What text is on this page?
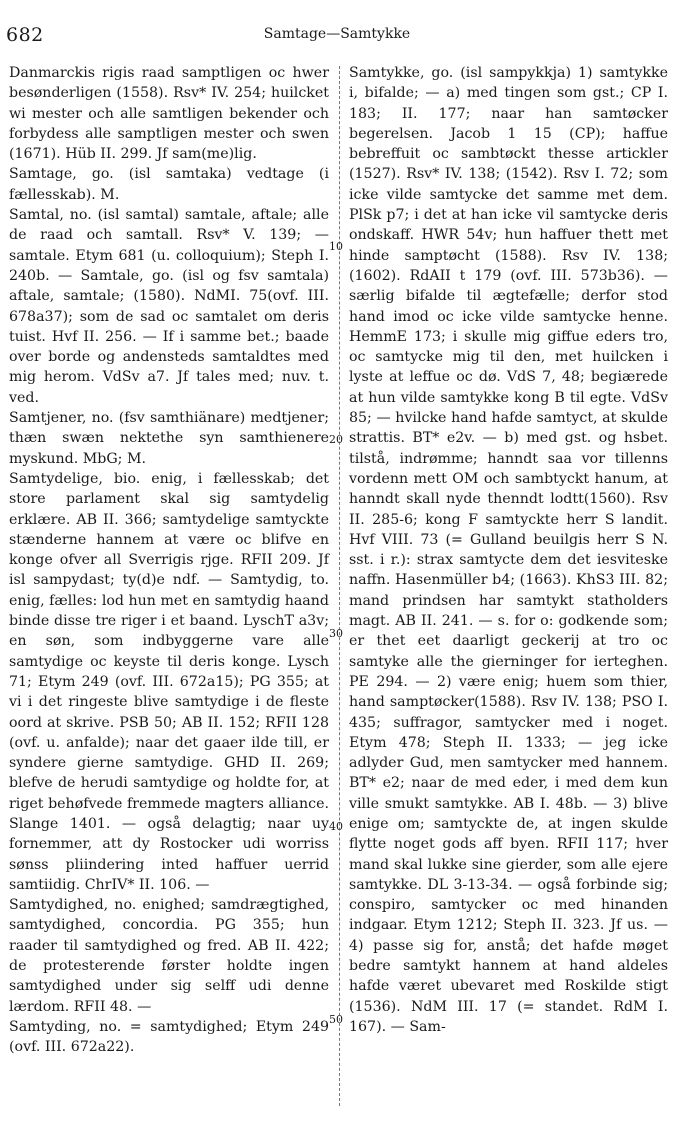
682	Samtage—Samtykke

Danmarckis rigis raad samptligen oc hwer besønderligen (1558). Rsv* IV. 254; huilcket wi mester och alle samtligen bekender och forbydess alle samptligen mester och swen (1671). Hüb II. 299. Jf sam(me)lig.

Samtage, go. (isl samtaka) vedtage (i fællesskab). M.

Samtal, no. (isl samtal) samtale, aftale; alle de raad och samtall. Rsv* V. 139; — samtale. Etym 681 (u. colloquium); Steph I. 240b. — Samtale, go. (isl og fsv samtala) aftale, samtale; (1580). NdMI. 75(ovf. III. 678a37); som de sad oc samtalet om deris tuist. Hvf II. 256. — If i samme bet.; baade over borde og andensteds samtaldtes med mig herom. VdSv a7. Jf tales med; nuv. t. ved.

Samtjener, no. (fsv samthiänare) medtjener; thæn swæn nektethe syn samthienere myskund. MbG; M.

Samtydelige, bio. enig, i fællesskab; det store parlament skal sig samtydelig erklære. AB II. 366; samtydelige samtyckte stænderne hannem at være oc blifve en konge ofver all Sverrigis rjge. RFII 209. Jf isl sampydast; ty(d)e ndf. — Samtydig, to. enig, fælles: lod hun met en samtydig haand binde disse tre riger i et baand. LyschT a3v; en søn, som indbyggerne vare alle samtydige oc keyste til deris konge. Lysch 71; Etym 249 (ovf. III. 672a15); PG 355; at vi i det ringeste blive samtydige i de fleste oord at skrive. PSB 50; AB II. 152; RFII 128 (ovf. u. anfalde); naar det gaaer ilde till, er synderе gierne samtydige. GHD II. 269; blefve de herudi samtydige og holdte for, at riget behøfvede fremmede magters alliance. Slange 1401. — også delagtig; naar uy fornemmer, att dy Rostocker udi worriss sønss pliindering inted haffuer uerrid samtiidig. ChrIV* II. 106. —

Samtydighed, no. enighed; samdrægtighed, samtydighed, concordia. PG 355; hun raader til samtydighed og fred. AB II. 422; de protesterende førster holdte ingen samtydighed under sig selff udi denne lærdom. RFII 48. —

Samtyding, no. = samtydighed; Etym 249 (ovf. III. 672a22).

10
20
30
40
50

Samtykke, go. (isl sampykkja) 1) samtykke i, bifalde; — a) med tingen som gst.; CP I. 183; II. 177; naar han samtøcker begerelsen. Jacob 1 15 (CP); haffue bebreffuit oc sambtøckt thesse artickler (1527). Rsv* IV. 138; (1542). Rsv I. 72; som icke vilde samtycke det samme met dem. PlSk p7; i det at han icke vil samtycke deris ondskaff. HWR 54v; hun haffuer thett met hinde samptøcht (1588). Rsv IV. 138; (1602). RdAII t 179 (ovf. III. 573b36). — særlig bifalde til ægtefælle; derfor stod hand imod oc icke vilde samtycke henne. HemmE 173; i skulle mig giffue eders tro, oc samtycke mig til den, met huilcken i lyste at leffue oc dø. VdS 7, 48; begiærede at hun vilde samtykke kong B til egte. VdSv 85; — hvilcke hand hafde samtyct, at skulde strattis. BT* e2v. — b) med gst. og hsbet. tilstå, indrømme; hanndt saa vor tillenns vordenn mett OM och sambtyckt hanum, at hanndt skall nyde thenndt lodtt(1560). Rsv II. 285-6; kong F samtyckte herr S landit. Hvf VIII. 73 (= Gulland beuilgis herr S N. sst. i r.): strax samtycte dem det iesviteske naffn. Hasenmüller b4; (1663). KhS3 III. 82; mand prindsen har samtykt statholders magt. AB II. 241. — s. for o: godkende som; er thet eet daarligt geckerij at tro oc samtyke alle the gierninger for ierteghen. PE 294. — 2) være enig; huem som thier, hand samptøcker(1588). Rsv IV. 138; PSO I. 435; suffragor, samtycker med i noget. Etym 478; Steph II. 1333; — jeg icke adlyder Gud, men samtycker med hannem. BT* e2; naar de med eder, i med dem kun ville smukt samtykke. AB I. 48b. — 3) blive enige om; samtyckte de, at ingen skulde flytte noget gods aff byen. RFII 117; hver mand skal lukke sine gierder, som alle ejere samtykke. DL 3-13-34. — også forbinde sig; conspiro, samtycker oc med hinanden indgaar. Etym 1212; Steph II. 323. Jf us. — 4) passe sig for, anstå; det hafde møget bedre samtykt hannem at hand aldeles hafde været ubevaret med Roskilde stigt (1536). NdM III. 17 (= standet. RdM I. 167). — Sam-
